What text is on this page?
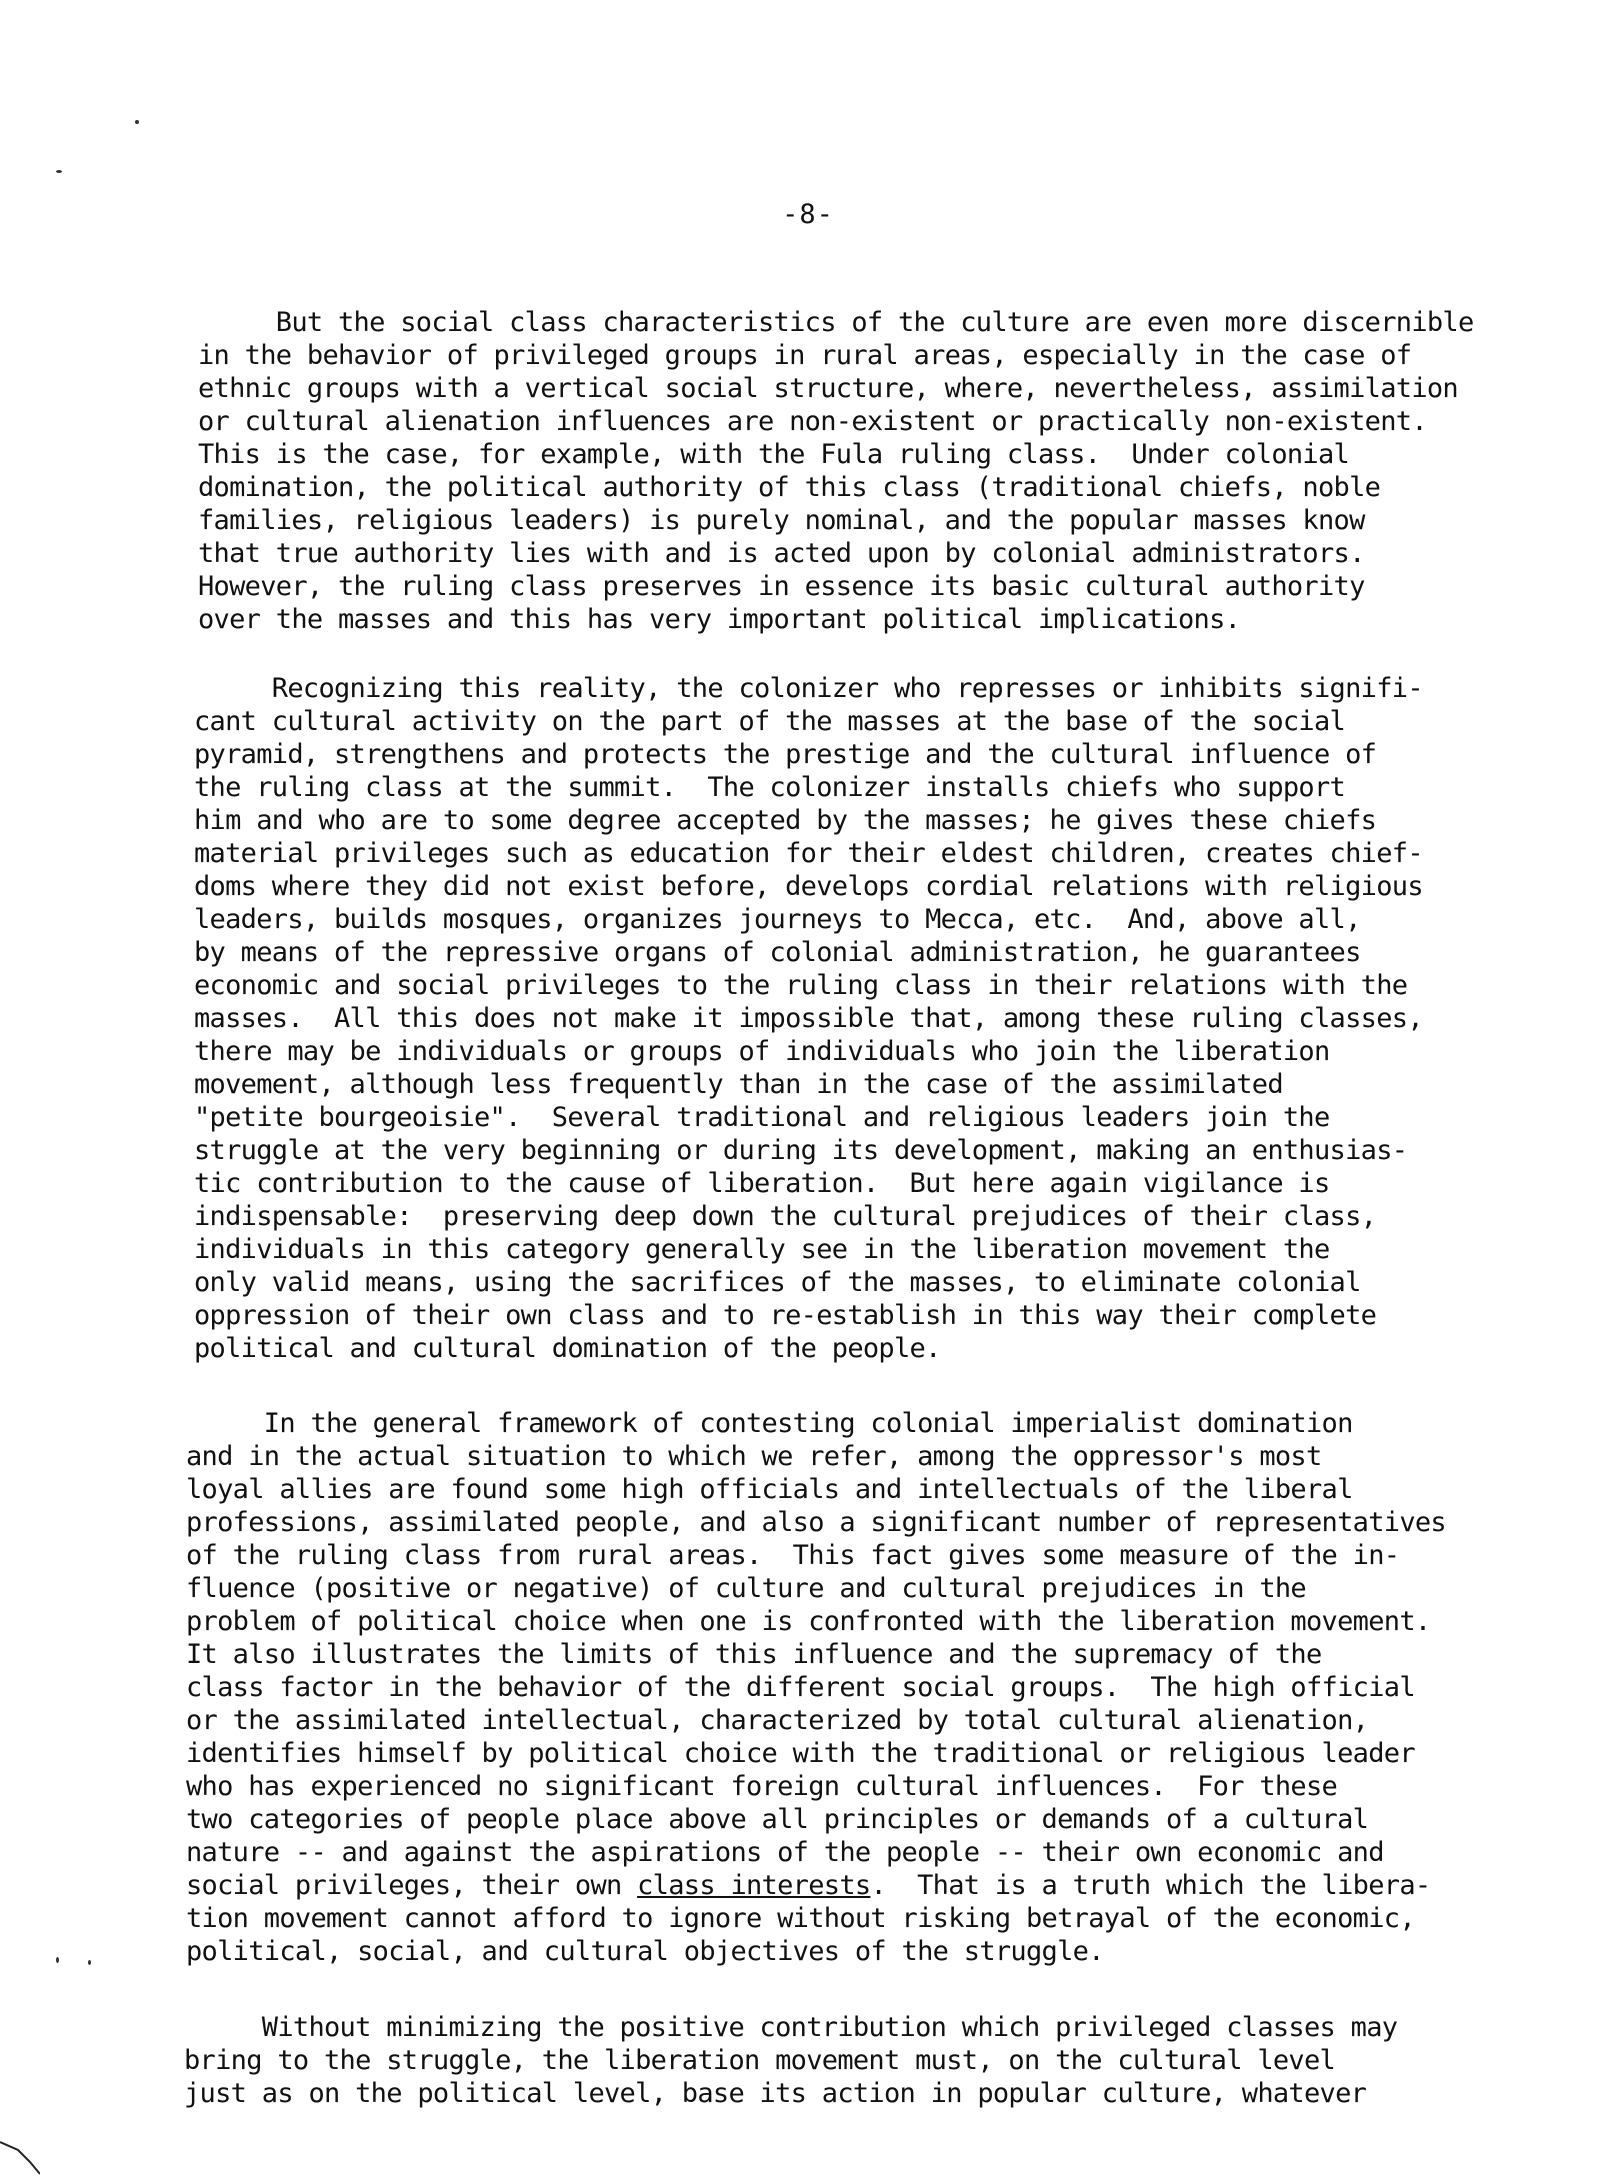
-8-
But the social class characteristics of the culture are even more discernible
in the behavior of privileged groups in rural areas, especially in the case of
ethnic groups with a vertical social structure, where, nevertheless, assimilation
or cultural alienation influences are non-existent or practically non-existent.
This is the case, for example, with the Fula ruling class.  Under colonial
domination, the political authority of this class (traditional chiefs, noble
families, religious leaders) is purely nominal, and the popular masses know
that true authority lies with and is acted upon by colonial administrators.
However, the ruling class preserves in essence its basic cultural authority
over the masses and this has very important political implications.
Recognizing this reality, the colonizer who represses or inhibits signifi-
cant cultural activity on the part of the masses at the base of the social
pyramid, strengthens and protects the prestige and the cultural influence of
the ruling class at the summit.  The colonizer installs chiefs who support
him and who are to some degree accepted by the masses; he gives these chiefs
material privileges such as education for their eldest children, creates chief-
doms where they did not exist before, develops cordial relations with religious
leaders, builds mosques, organizes journeys to Mecca, etc.  And, above all,
by means of the repressive organs of colonial administration, he guarantees
economic and social privileges to the ruling class in their relations with the
masses.  All this does not make it impossible that, among these ruling classes,
there may be individuals or groups of individuals who join the liberation
movement, although less frequently than in the case of the assimilated
"petite bourgeoisie".  Several traditional and religious leaders join the
struggle at the very beginning or during its development, making an enthusias-
tic contribution to the cause of liberation.  But here again vigilance is
indispensable:  preserving deep down the cultural prejudices of their class,
individuals in this category generally see in the liberation movement the
only valid means, using the sacrifices of the masses, to eliminate colonial
oppression of their own class and to re-establish in this way their complete
political and cultural domination of the people.
In the general framework of contesting colonial imperialist domination
and in the actual situation to which we refer, among the oppressor's most
loyal allies are found some high officials and intellectuals of the liberal
professions, assimilated people, and also a significant number of representatives
of the ruling class from rural areas.  This fact gives some measure of the in-
fluence (positive or negative) of culture and cultural prejudices in the
problem of political choice when one is confronted with the liberation movement.
It also illustrates the limits of this influence and the supremacy of the
class factor in the behavior of the different social groups.  The high official
or the assimilated intellectual, characterized by total cultural alienation,
identifies himself by political choice with the traditional or religious leader
who has experienced no significant foreign cultural influences.  For these
two categories of people place above all principles or demands of a cultural
nature -- and against the aspirations of the people -- their own economic and
social privileges, their own class interests.  That is a truth which the libera-
tion movement cannot afford to ignore without risking betrayal of the economic,
political, social, and cultural objectives of the struggle.
Without minimizing the positive contribution which privileged classes may
bring to the struggle, the liberation movement must, on the cultural level
just as on the political level, base its action in popular culture, whatever
